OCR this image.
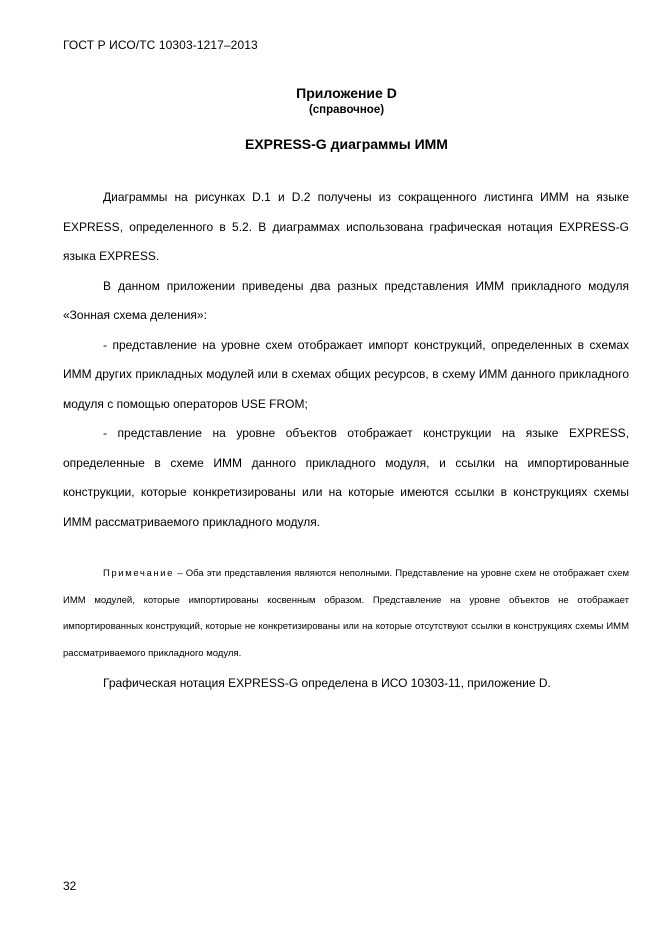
ГОСТ Р ИСО/ТС 10303-1217–2013
Приложение D
(справочное)
EXPRESS-G диаграммы ИММ

Диаграммы на рисунках D.1 и D.2 получены из сокращенного листинга ИММ на языке EXPRESS, определенного в 5.2. В диаграммах использована графическая нотация EXPRESS-G языка EXPRESS.

В данном приложении приведены два разных представления ИММ прикладного модуля «Зонная схема деления»:

- представление на уровне схем отображает импорт конструкций, определенных в схемах ИММ других прикладных модулей или в схемах общих ресурсов, в схему ИММ данного прикладного модуля с помощью операторов USE FROM;

- представление на уровне объектов отображает конструкции на языке EXPRESS, определенные в схеме ИММ данного прикладного модуля, и ссылки на импортированные конструкции, которые конкретизированы или на которые имеются ссылки в конструкциях схемы ИММ рассматриваемого прикладного модуля.

Примечание – Оба эти представления являются неполными. Представление на уровне схем не отображает схем ИММ модулей, которые импортированы косвенным образом. Представление на уровне объектов не отображает импортированных конструкций, которые не конкретизированы или на которые отсутствуют ссылки в конструкциях схемы ИММ рассматриваемого прикладного модуля.

Графическая нотация EXPRESS-G определена в ИСО 10303-11, приложение D.

32
